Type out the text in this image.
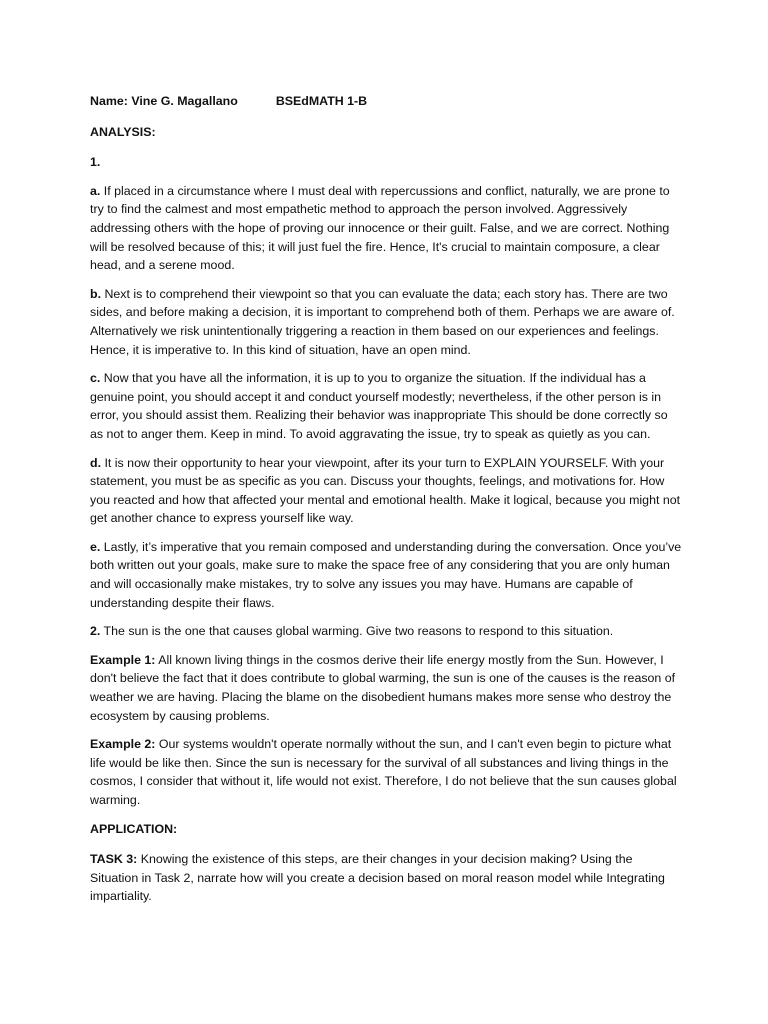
Name: Vine G. Magallano	BSEdMATH 1-B
ANALYSIS:
1.

a. If placed in a circumstance where I must deal with repercussions and conflict, naturally, we are prone to try to find the calmest and most empathetic method to approach the person involved. Aggressively addressing others with the hope of proving our innocence or their guilt. False, and we are correct. Nothing will be resolved because of this; it will just fuel the fire. Hence, It's crucial to maintain composure, a clear head, and a serene mood.

b. Next is to comprehend their viewpoint so that you can evaluate the data; each story has. There are two sides, and before making a decision, it is important to comprehend both of them. Perhaps we are aware of. Alternatively we risk unintentionally triggering a reaction in them based on our experiences and feelings. Hence, it is imperative to. In this kind of situation, have an open mind.

c. Now that you have all the information, it is up to you to organize the situation. If the individual has a genuine point, you should accept it and conduct yourself modestly; nevertheless, if the other person is in error, you should assist them. Realizing their behavior was inappropriate This should be done correctly so as not to anger them. Keep in mind. To avoid aggravating the issue, try to speak as quietly as you can.

d. It is now their opportunity to hear your viewpoint, after its your turn to EXPLAIN YOURSELF. With your statement, you must be as specific as you can. Discuss your thoughts, feelings, and motivations for. How you reacted and how that affected your mental and emotional health. Make it logical, because you might not get another chance to express yourself like way.

e. Lastly, it’s imperative that you remain composed and understanding during the conversation. Once you’ve both written out your goals, make sure to make the space free of any considering that you are only human and will occasionally make mistakes, try to solve any issues you may have. Humans are capable of understanding despite their flaws.

2. The sun is the one that causes global warming. Give two reasons to respond to this situation.

Example 1: All known living things in the cosmos derive their life energy mostly from the Sun. However, I don't believe the fact that it does contribute to global warming, the sun is one of the causes is the reason of weather we are having. Placing the blame on the disobedient humans makes more sense who destroy the ecosystem by causing problems.

Example 2: Our systems wouldn't operate normally without the sun, and I can't even begin to picture what life would be like then. Since the sun is necessary for the survival of all substances and living things in the cosmos, I consider that without it, life would not exist. Therefore, I do not believe that the sun causes global warming.

APPLICATION:

TASK 3: Knowing the existence of this steps, are their changes in your decision making? Using the Situation in Task 2, narrate how will you create a decision based on moral reason model while Integrating impartiality.
